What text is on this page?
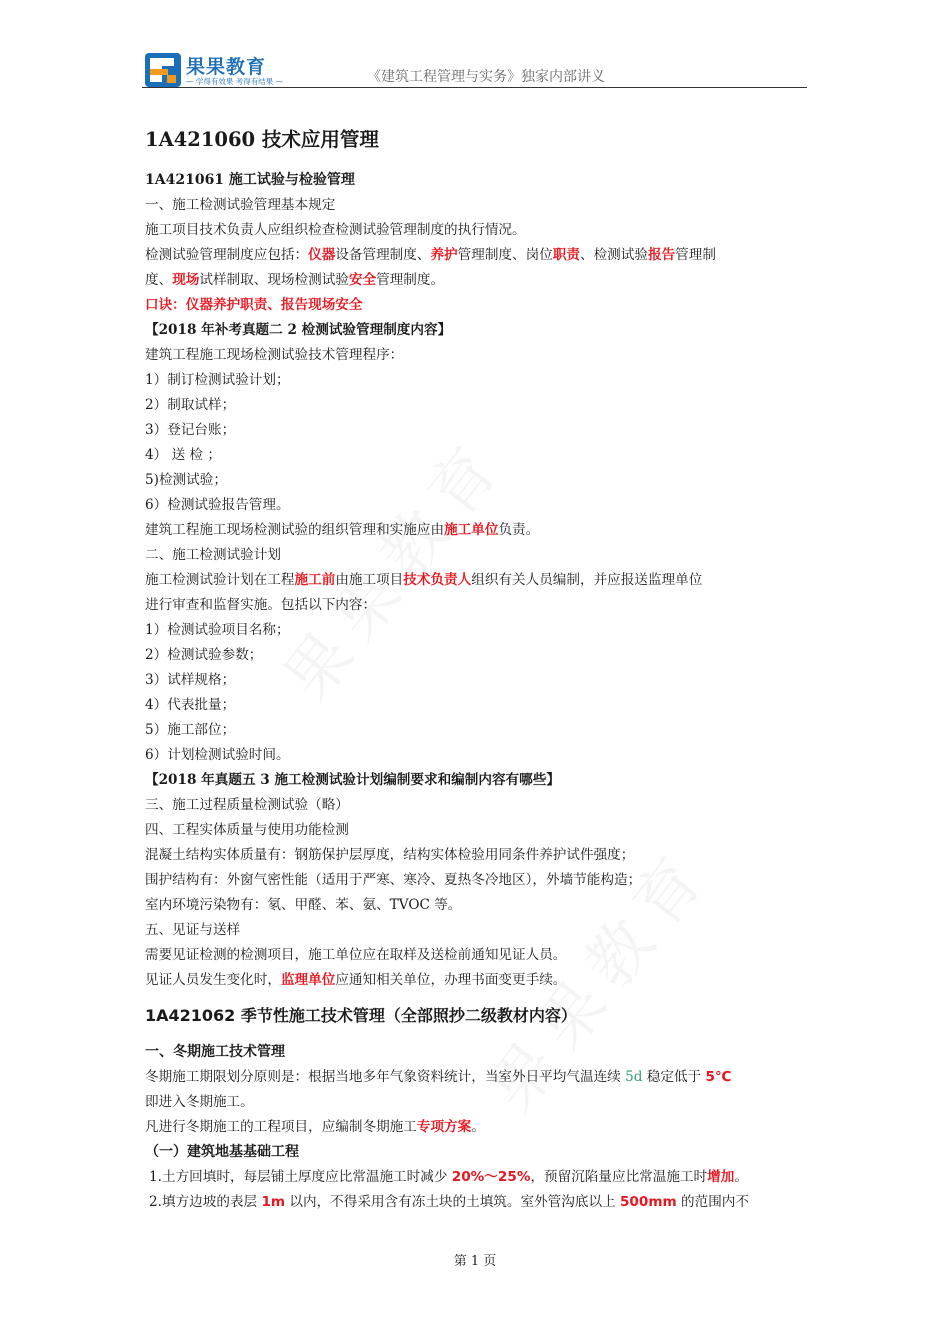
果果教育
— 学得有效果 考得有结果 —	《建筑工程管理与实务》独家内部讲义
1A421060 技术应用管理
1A421061 施工试验与检验管理
一、施工检测试验管理基本规定
施工项目技术负责人应组织检查检测试验管理制度的执行情况。
检测试验管理制度应包括：仪器设备管理制度、养护管理制度、岗位职责、检测试验报告管理制
度、现场试样制取、现场检测试验安全管理制度。
口诀：仪器养护职责、报告现场安全
【2018 年补考真题二 2 检测试验管理制度内容】
建筑工程施工现场检测试验技术管理程序：
1）制订检测试验计划；
2）制取试样；
3）登记台账；
4） 送 检 ；
5)检测试验；
6）检测试验报告管理。
建筑工程施工现场检测试验的组织管理和实施应由施工单位负责。
二、施工检测试验计划
施工检测试验计划在工程施工前由施工项目技术负责人组织有关人员编制，并应报送监理单位
进行审查和监督实施。包括以下内容：
1）检测试验项目名称；
2）检测试验参数；
3）试样规格；
4）代表批量；
5）施工部位；
6）计划检测试验时间。
【2018 年真题五 3 施工检测试验计划编制要求和编制内容有哪些】
三、施工过程质量检测试验（略）
四、工程实体质量与使用功能检测
混凝土结构实体质量有：钢筋保护层厚度，结构实体检验用同条件养护试件强度；
围护结构有：外窗气密性能（适用于严寒、寒冷、夏热冬冷地区），外墙节能构造；
室内环境污染物有：氡、甲醛、苯、氨、TVOC 等。
五、见证与送样
需要见证检测的检测项目，施工单位应在取样及送检前通知见证人员。
见证人员发生变化时，监理单位应通知相关单位，办理书面变更手续。
1A421062 季节性施工技术管理（全部照抄二级教材内容）
一、冬期施工技术管理
冬期施工期限划分原则是：根据当地多年气象资料统计，当室外日平均气温连续 5d 稳定低于 5℃
即进入冬期施工。
凡进行冬期施工的工程项目，应编制冬期施工专项方案。
（一）建筑地基基础工程
1.土方回填时，每层铺土厚度应比常温施工时减少 20%～25%，预留沉陷量应比常温施工时增加。
2.填方边坡的表层 1m 以内，不得采用含有冻土块的土填筑。室外管沟底以上 500mm 的范围内不
第 1 页
